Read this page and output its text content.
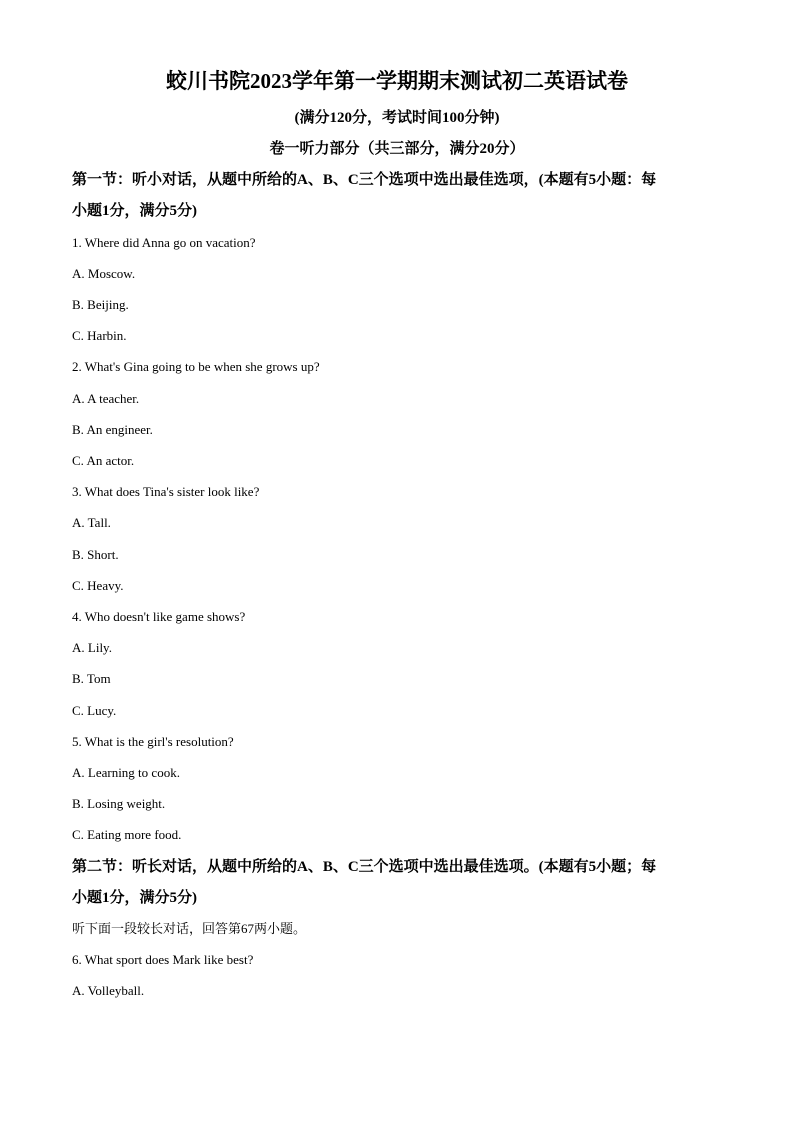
蛟川书院2023学年第一学期期末测试初二英语试卷
(满分120分，考试时间100分钟)
卷一听力部分（共三部分，满分20分）
第一节：听小对话，从题中所给的A、B、C三个选项中选出最佳选项，(本题有5小题：每
小题1分，满分5分)
1. Where did Anna go on vacation?
A. Moscow.
B. Beijing.
C. Harbin.
2. What's Gina going to be when she grows up?
A. A teacher.
B. An engineer.
C. An actor.
3. What does Tina's sister look like?
A. Tall.
B. Short.
C. Heavy.
4. Who doesn't like game shows?
A. Lily.
B. Tom
C. Lucy.
5. What is the girl's resolution?
A. Learning to cook.
B. Losing weight.
C. Eating more food.
第二节：听长对话，从题中所给的A、B、C三个选项中选出最佳选项。(本题有5小题；每
小题1分，满分5分)
听下面一段较长对话，回答第67两小题。
6. What sport does Mark like best?
A. Volleyball.
